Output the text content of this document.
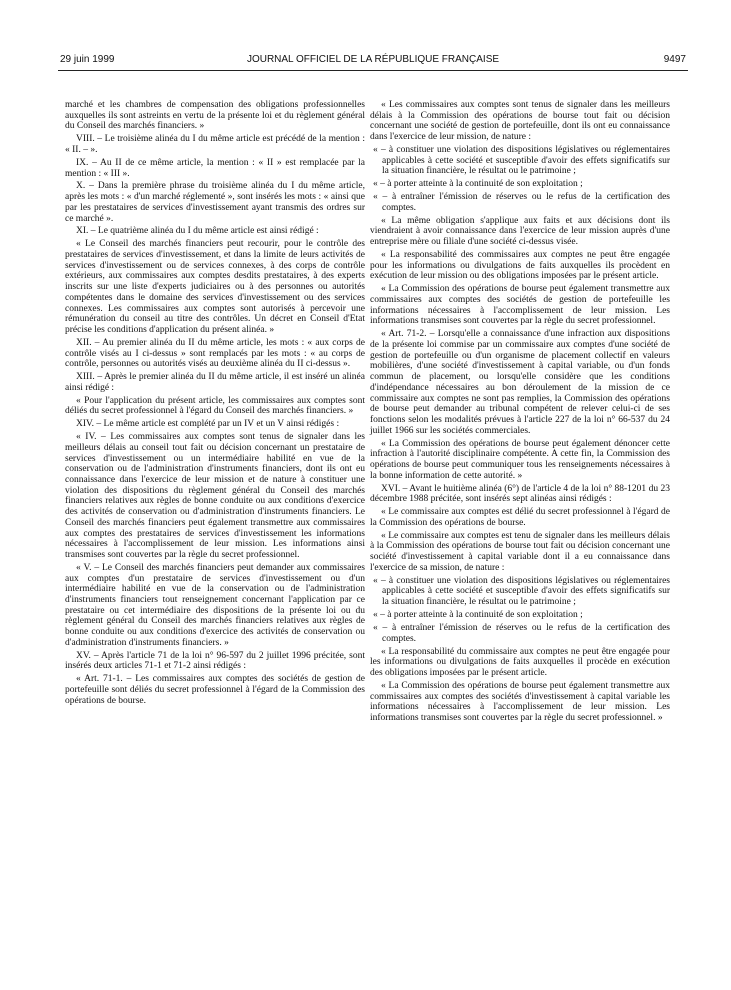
29 juin 1999	JOURNAL OFFICIEL DE LA RÉPUBLIQUE FRANÇAISE	9497

marché et les chambres de compensation des obligations professionnelles auxquelles ils sont astreints en vertu de la présente loi et du règlement général du Conseil des marchés financiers. »

VIII. – Le troisième alinéa du I du même article est précédé de la mention : « II. – ».

IX. – Au II de ce même article, la mention : « II » est remplacée par la mention : « III ».

X. – Dans la première phrase du troisième alinéa du I du même article, après les mots : « d'un marché réglementé », sont insérés les mots : « ainsi que par les prestataires de services d'investissement ayant transmis des ordres sur ce marché ».

XI. – Le quatrième alinéa du I du même article est ainsi rédigé :

« Le Conseil des marchés financiers peut recourir, pour le contrôle des prestataires de services d'investissement, et dans la limite de leurs activités de services d'investissement ou de services connexes, à des corps de contrôle extérieurs, aux commissaires aux comptes desdits prestataires, à des experts inscrits sur une liste d'experts judiciaires ou à des personnes ou autorités compétentes dans le domaine des services d'investissement ou des services connexes. Les commissaires aux comptes sont autorisés à percevoir une rémunération du conseil au titre des contrôles. Un décret en Conseil d'Etat précise les conditions d'application du présent alinéa. »

XII. – Au premier alinéa du II du même article, les mots : « aux corps de contrôle visés au I ci-dessus » sont remplacés par les mots : « au corps de contrôle, personnes ou autorités visés au deuxième alinéa du II ci-dessus ».

XIII. – Après le premier alinéa du II du même article, il est inséré un alinéa ainsi rédigé :

« Pour l'application du présent article, les commissaires aux comptes sont déliés du secret professionnel à l'égard du Conseil des marchés financiers. »

XIV. – Le même article est complété par un IV et un V ainsi rédigés :

« IV. – Les commissaires aux comptes sont tenus de signaler dans les meilleurs délais au conseil tout fait ou décision concernant un prestataire de services d'investissement ou un intermédiaire habilité en vue de la conservation ou de l'administration d'instruments financiers, dont ils ont eu connaissance dans l'exercice de leur mission et de nature à constituer une violation des dispositions du règlement général du Conseil des marchés financiers relatives aux règles de bonne conduite ou aux conditions d'exercice des activités de conservation ou d'administration d'instruments financiers. Le Conseil des marchés financiers peut également transmettre aux commissaires aux comptes des prestataires de services d'investissement les informations nécessaires à l'accomplissement de leur mission. Les informations ainsi transmises sont couvertes par la règle du secret professionnel.

« V. – Le Conseil des marchés financiers peut demander aux commissaires aux comptes d'un prestataire de services d'investissement ou d'un intermédiaire habilité en vue de la conservation ou de l'administration d'instruments financiers tout renseignement concernant l'application par ce prestataire ou cet intermédiaire des dispositions de la présente loi ou du règlement général du Conseil des marchés financiers relatives aux règles de bonne conduite ou aux conditions d'exercice des activités de conservation ou d'administration d'instruments financiers. »

XV. – Après l'article 71 de la loi n° 96-597 du 2 juillet 1996 précitée, sont insérés deux articles 71-1 et 71-2 ainsi rédigés :

« Art. 71-1. – Les commissaires aux comptes des sociétés de gestion de portefeuille sont déliés du secret professionnel à l'égard de la Commission des opérations de bourse.

« Les commissaires aux comptes sont tenus de signaler dans les meilleurs délais à la Commission des opérations de bourse tout fait ou décision concernant une société de gestion de portefeuille, dont ils ont eu connaissance dans l'exercice de leur mission, de nature :

« – à constituer une violation des dispositions législatives ou réglementaires applicables à cette société et susceptible d'avoir des effets significatifs sur la situation financière, le résultat ou le patrimoine ;

« – à porter atteinte à la continuité de son exploitation ;

« – à entraîner l'émission de réserves ou le refus de la certification des comptes.

« La même obligation s'applique aux faits et aux décisions dont ils viendraient à avoir connaissance dans l'exercice de leur mission auprès d'une entreprise mère ou filiale d'une société ci-dessus visée.

« La responsabilité des commissaires aux comptes ne peut être engagée pour les informations ou divulgations de faits auxquelles ils procèdent en exécution de leur mission ou des obligations imposées par le présent article.

« La Commission des opérations de bourse peut également transmettre aux commissaires aux comptes des sociétés de gestion de portefeuille les informations nécessaires à l'accomplissement de leur mission. Les informations transmises sont couvertes par la règle du secret professionnel.

« Art. 71-2. – Lorsqu'elle a connaissance d'une infraction aux dispositions de la présente loi commise par un commissaire aux comptes d'une société de gestion de portefeuille ou d'un organisme de placement collectif en valeurs mobilières, d'une société d'investissement à capital variable, ou d'un fonds commun de placement, ou lorsqu'elle considère que les conditions d'indépendance nécessaires au bon déroulement de la mission de ce commissaire aux comptes ne sont pas remplies, la Commission des opérations de bourse peut demander au tribunal compétent de relever celui-ci de ses fonctions selon les modalités prévues à l'article 227 de la loi n° 66-537 du 24 juillet 1966 sur les sociétés commerciales.

« La Commission des opérations de bourse peut également dénoncer cette infraction à l'autorité disciplinaire compétente. A cette fin, la Commission des opérations de bourse peut communiquer tous les renseignements nécessaires à la bonne information de cette autorité. »

XVI. – Avant le huitième alinéa (6°) de l'article 4 de la loi n° 88-1201 du 23 décembre 1988 précitée, sont insérés sept alinéas ainsi rédigés :

« Le commissaire aux comptes est délié du secret professionnel à l'égard de la Commission des opérations de bourse.

« Le commissaire aux comptes est tenu de signaler dans les meilleurs délais à la Commission des opérations de bourse tout fait ou décision concernant une société d'investissement à capital variable dont il a eu connaissance dans l'exercice de sa mission, de nature :

« – à constituer une violation des dispositions législatives ou réglementaires applicables à cette société et susceptible d'avoir des effets significatifs sur la situation financière, le résultat ou le patrimoine ;

« – à porter atteinte à la continuité de son exploitation ;

« – à entraîner l'émission de réserves ou le refus de la certification des comptes.

« La responsabilité du commissaire aux comptes ne peut être engagée pour les informations ou divulgations de faits auxquelles il procède en exécution des obligations imposées par le présent article.

« La Commission des opérations de bourse peut également transmettre aux commissaires aux comptes des sociétés d'investissement à capital variable les informations nécessaires à l'accomplissement de leur mission. Les informations transmises sont couvertes par la règle du secret professionnel. »
